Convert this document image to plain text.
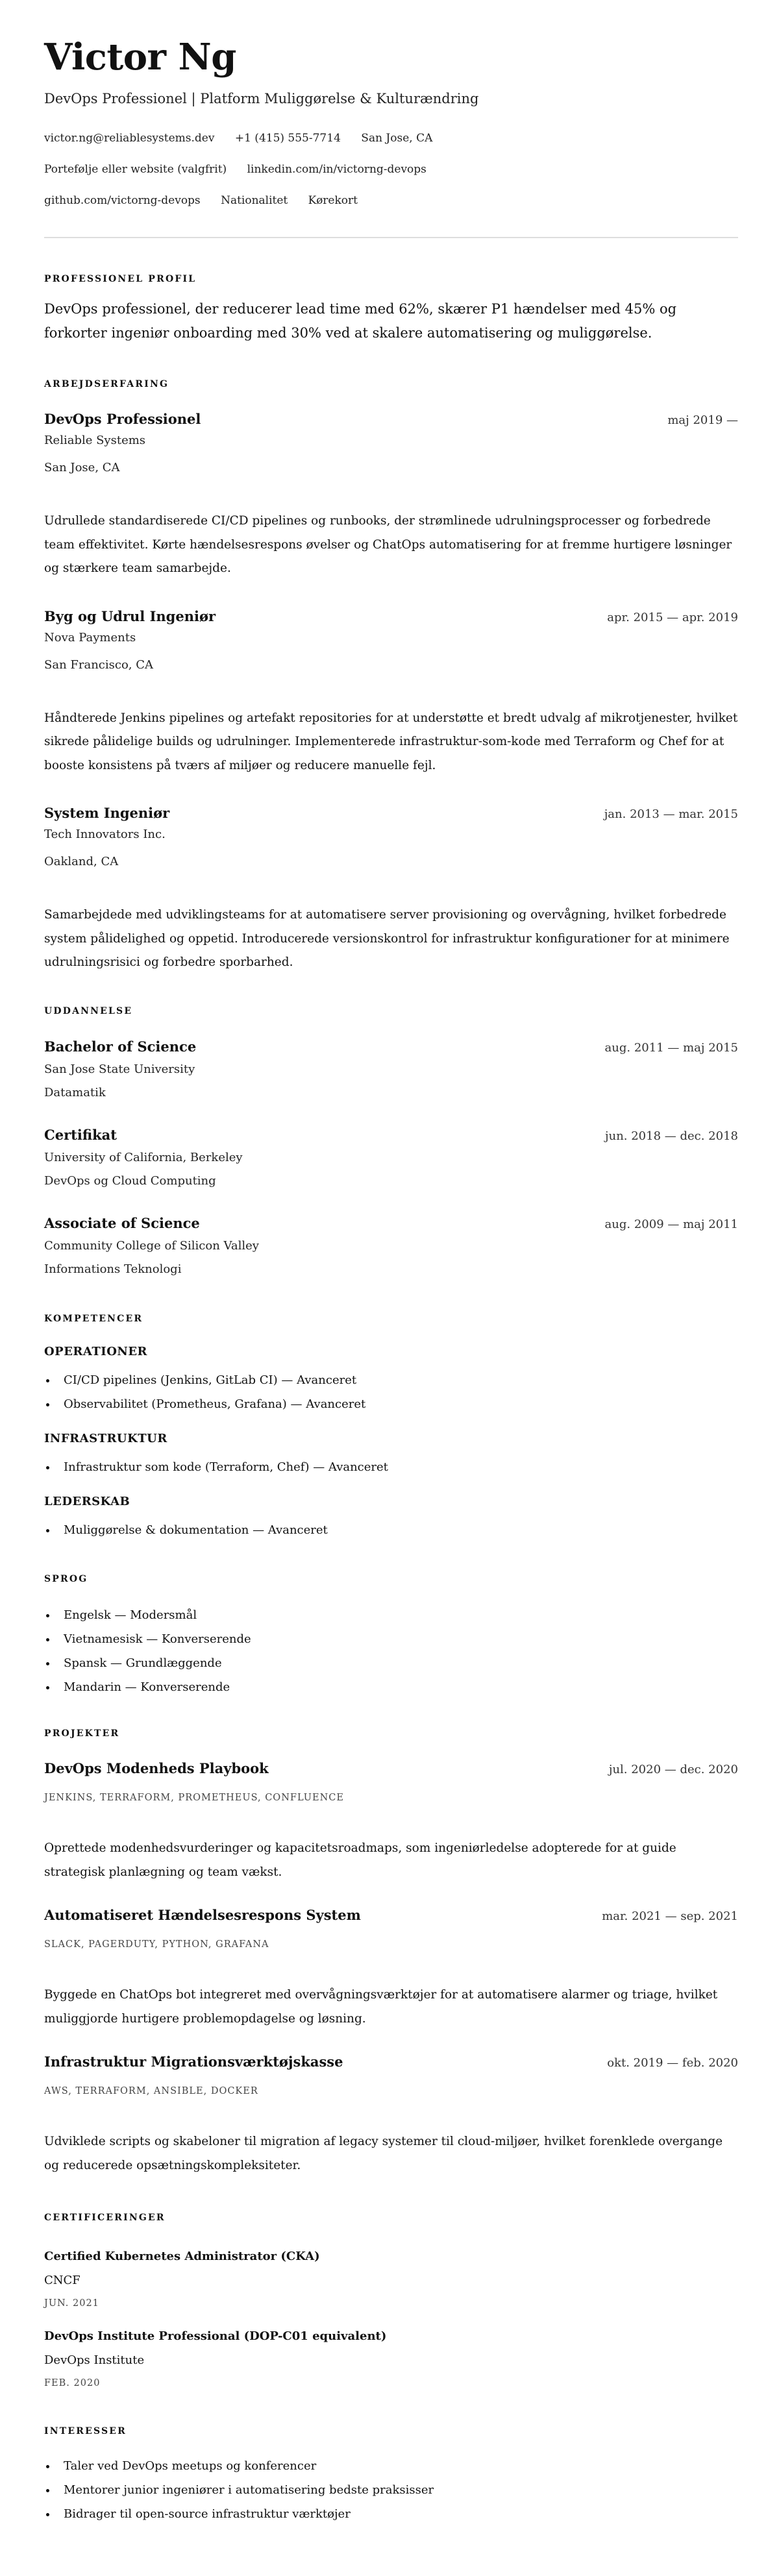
Victor Ng
DevOps Professionel | Platform Muliggørelse & Kulturændring
victor.ng@reliablesystems.dev +1 (415) 555-7714 San Jose, CA
Portefølje eller website (valgfrit) linkedin.com/in/victorng-devops
github.com/victorng-devops Nationalitet Kørekort
PROFESSIONEL PROFIL

DevOps professionel, der reducerer lead time med 62%, skærer P1 hændelser med 45% og forkorter ingeniør onboarding med 30% ved at skalere automatisering og muliggørelse.

ARBEJDSERFARING
DevOps Professionel	maj 2019 —
Reliable Systems
San Jose, CA

Udrullede standardiserede CI/CD pipelines og runbooks, der strømlinede udrulningsprocesser og forbedrede team effektivitet. Kørte hændelsesrespons øvelser og ChatOps automatisering for at fremme hurtigere løsninger og stærkere team samarbejde.

Byg og Udrul Ingeniør	apr. 2015 — apr. 2019
Nova Payments
San Francisco, CA

Håndterede Jenkins pipelines og artefakt repositories for at understøtte et bredt udvalg af mikrotjenester, hvilket sikrede pålidelige builds og udrulninger. Implementerede infrastruktur-som-kode med Terraform og Chef for at booste konsistens på tværs af miljøer og reducere manuelle fejl.

System Ingeniør	jan. 2013 — mar. 2015
Tech Innovators Inc.
Oakland, CA

Samarbejdede med udviklingsteams for at automatisere server provisioning og overvågning, hvilket forbedrede system pålidelighed og oppetid. Introducerede versionskontrol for infrastruktur konfigurationer for at minimere udrulningsrisici og forbedre sporbarhed.

UDDANNELSE
Bachelor of Science	aug. 2011 — maj 2015
San Jose State University
Datamatik
Certifikat	jun. 2018 — dec. 2018
University of California, Berkeley
DevOps og Cloud Computing
Associate of Science	aug. 2009 — maj 2011
Community College of Silicon Valley
Informations Teknologi
KOMPETENCER
OPERATIONER
CI/CD pipelines (Jenkins, GitLab CI) — Avanceret
Observabilitet (Prometheus, Grafana) — Avanceret
INFRASTRUKTUR
Infrastruktur som kode (Terraform, Chef) — Avanceret
LEDERSKAB
Muliggørelse & dokumentation — Avanceret
SPROG
Engelsk — Modersmål
Vietnamesisk — Konverserende
Spansk — Grundlæggende
Mandarin — Konverserende
PROJEKTER
DevOps Modenheds Playbook	jul. 2020 — dec. 2020
JENKINS, TERRAFORM, PROMETHEUS, CONFLUENCE

Oprettede modenhedsvurderinger og kapacitetsroadmaps, som ingeniørledelse adopterede for at guide strategisk planlægning og team vækst.

Automatiseret Hændelsesrespons System	mar. 2021 — sep. 2021
SLACK, PAGERDUTY, PYTHON, GRAFANA

Byggede en ChatOps bot integreret med overvågningsværktøjer for at automatisere alarmer og triage, hvilket muliggjorde hurtigere problemopdagelse og løsning.

Infrastruktur Migrationsværktøjskasse	okt. 2019 — feb. 2020
AWS, TERRAFORM, ANSIBLE, DOCKER

Udviklede scripts og skabeloner til migration af legacy systemer til cloud-miljøer, hvilket forenklede overgange og reducerede opsætningskompleksiteter.

CERTIFICERINGER
Certified Kubernetes Administrator (CKA)
CNCF
JUN. 2021
DevOps Institute Professional (DOP-C01 equivalent)
DevOps Institute
FEB. 2020
INTERESSER
Taler ved DevOps meetups og konferencer
Mentorer junior ingeniører i automatisering bedste praksisser
Bidrager til open-source infrastruktur værktøjer
